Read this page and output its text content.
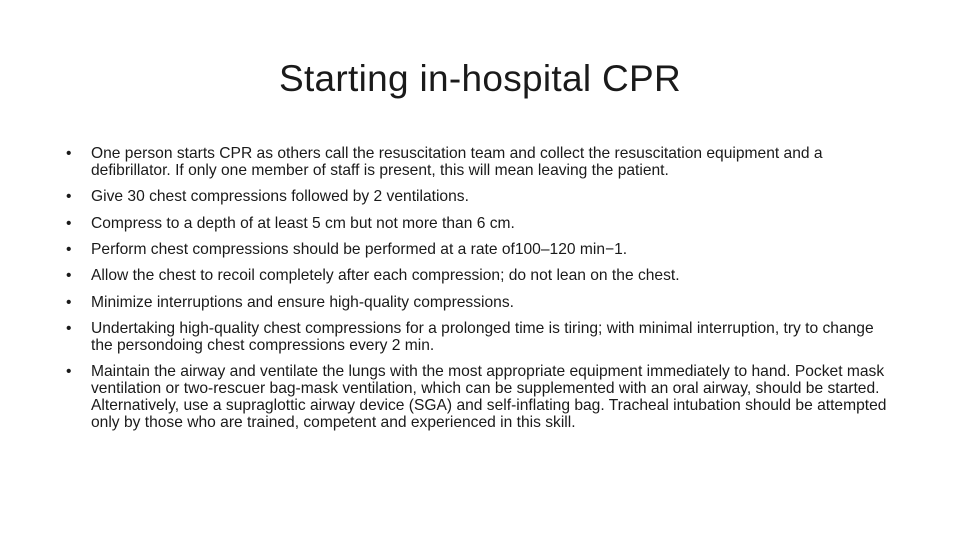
Starting in-hospital CPR
• One person starts CPR as others call the resuscitation team and collect the resuscitation equipment and a defibrillator. If only one member of staff is present, this will mean leaving the patient.
• Give 30 chest compressions followed by 2 ventilations.
• Compress to a depth of at least 5 cm but not more than 6 cm.
• Perform chest compressions should be performed at a rate of100–120 min−1.
• Allow the chest to recoil completely after each compression; do not lean on the chest.
• Minimize interruptions and ensure high-quality compressions.
• Undertaking high-quality chest compressions for a prolonged time is tiring; with minimal interruption, try to change the persondoing chest compressions every 2 min.
• Maintain the airway and ventilate the lungs with the most appropriate equipment immediately to hand. Pocket mask ventilation or two-rescuer bag-mask ventilation, which can be supplemented with an oral airway, should be started. Alternatively, use a supraglottic airway device (SGA) and self-inflating bag. Tracheal intubation should be attempted only by those who are trained, competent and experienced in this skill.
